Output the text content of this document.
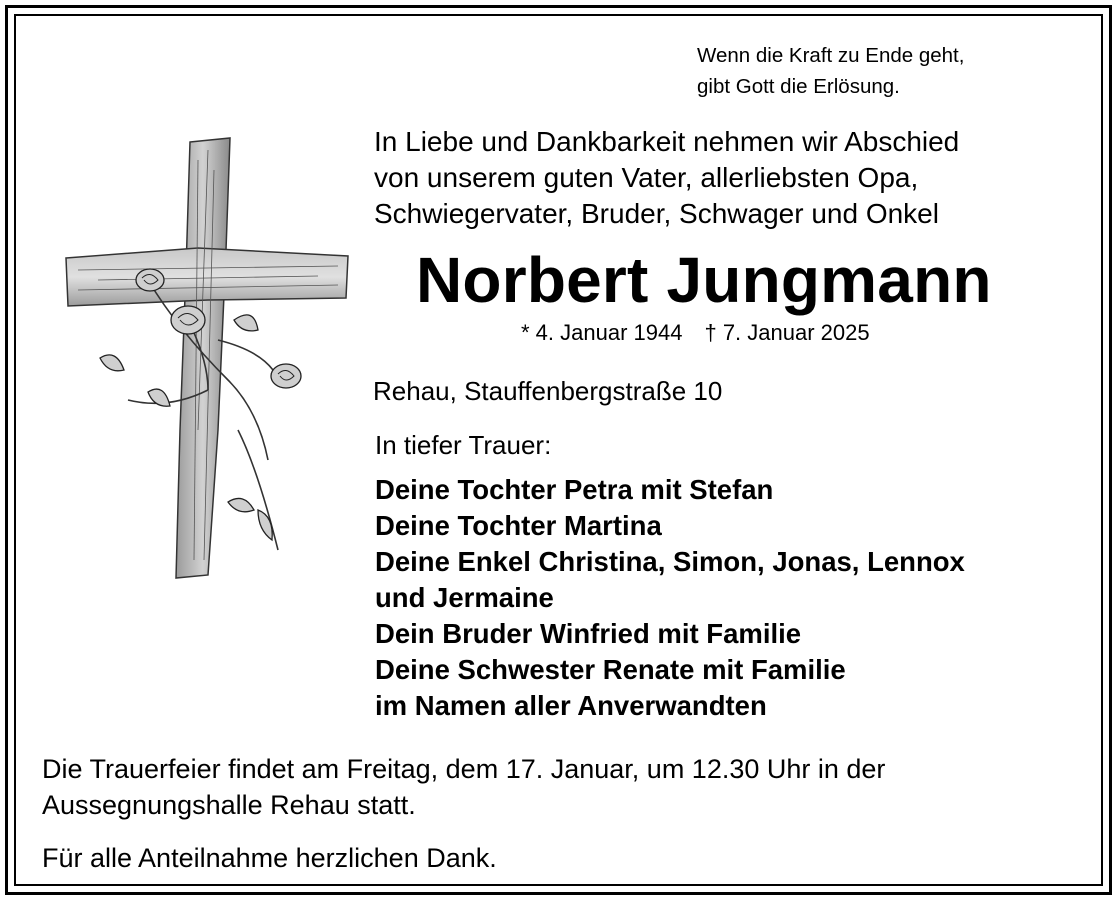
Wenn die Kraft zu Ende geht,
gibt Gott die Erlösung.
In Liebe und Dankbarkeit nehmen wir Abschied
von unserem guten Vater, allerliebsten Opa,
Schwiegervater, Bruder, Schwager und Onkel
Norbert Jungmann
* 4. Januar 1944 † 7. Januar 2025
Rehau, Stauffenbergstraße 10
In tiefer Trauer:
Deine Tochter Petra mit Stefan
Deine Tochter Martina
Deine Enkel Christina, Simon, Jonas, Lennox
und Jermaine
Dein Bruder Winfried mit Familie
Deine Schwester Renate mit Familie
im Namen aller Anverwandten
Die Trauerfeier findet am Freitag, dem 17. Januar, um 12.30 Uhr in der
Aussegnungshalle Rehau statt.
Für alle Anteilnahme herzlichen Dank.
